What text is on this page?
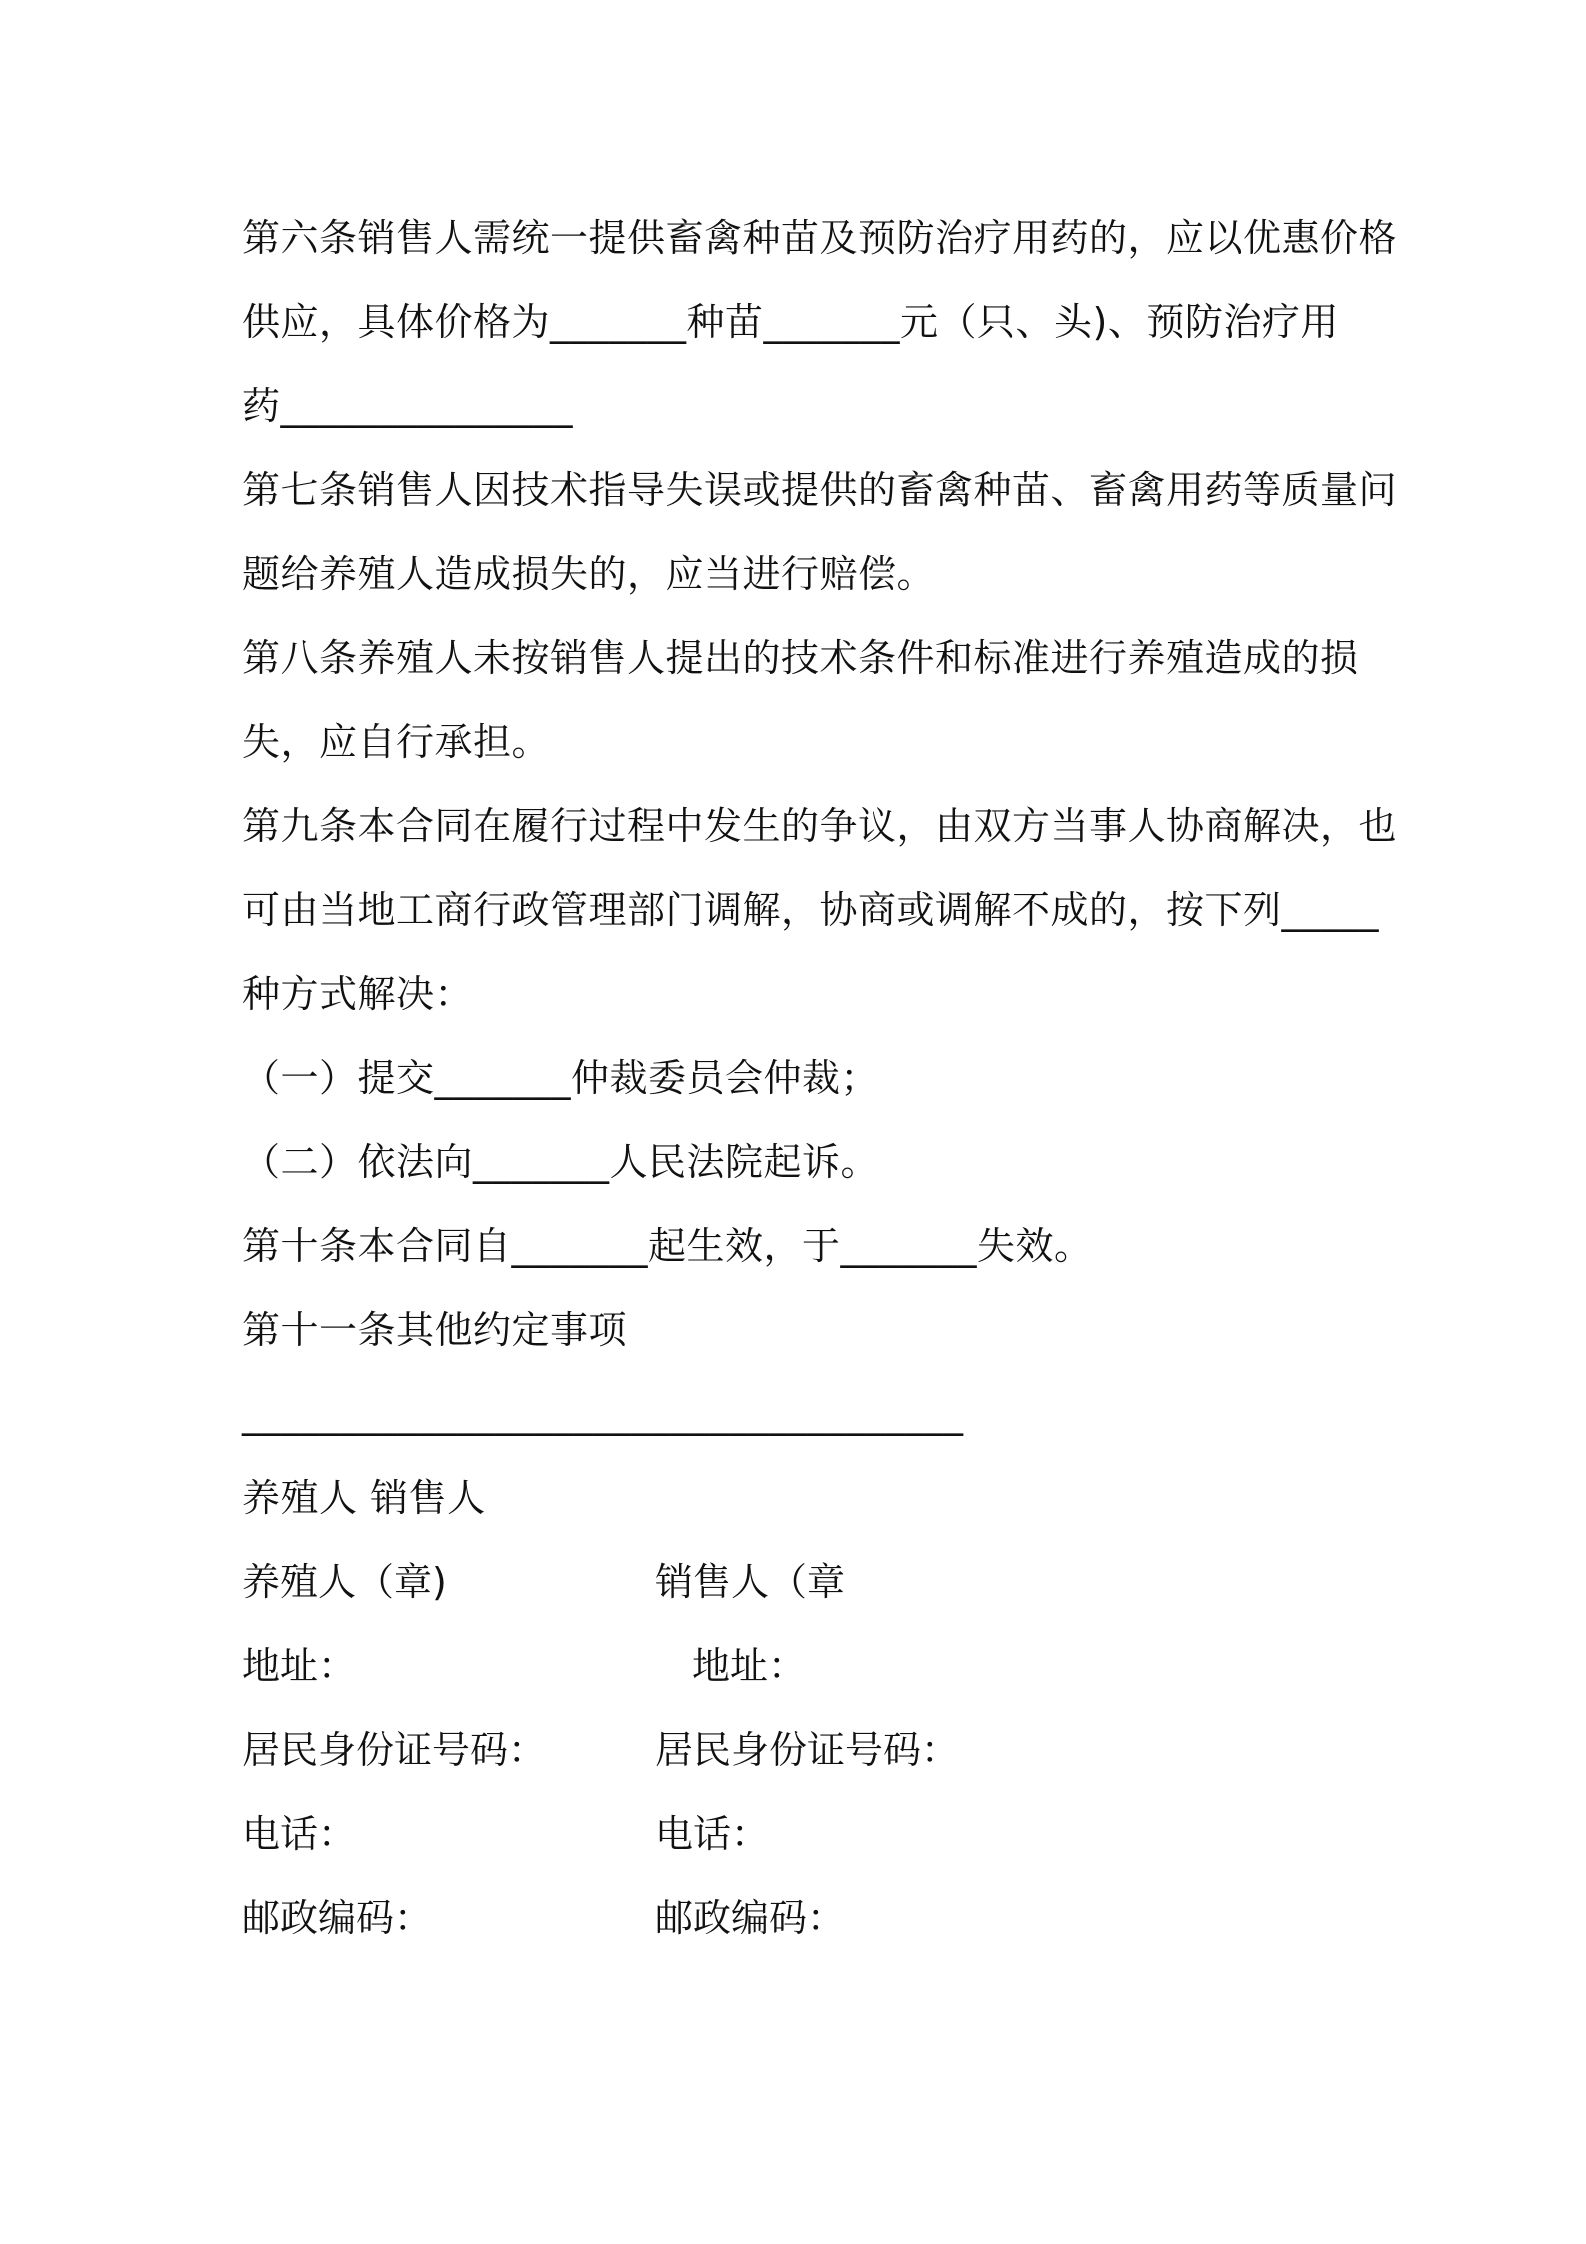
第六条销售人需统一提供畜禽种苗及预防治疗用药的，应以优惠价格
供应，具体价格为_______种苗_______元（只、头)、预防治疗用
药_______________
第七条销售人因技术指导失误或提供的畜禽种苗、畜禽用药等质量问
题给养殖人造成损失的，应当进行赔偿。
第八条养殖人未按销售人提出的技术条件和标准进行养殖造成的损
失，应自行承担。
第九条本合同在履行过程中发生的争议，由双方当事人协商解决，也
可由当地工商行政管理部门调解，协商或调解不成的，按下列_____
种方式解决：
（一）提交_______仲裁委员会仲裁；
（二）依法向_______人民法院起诉。
第十条本合同自_______起生效，于_______失效。
第十一条其他约定事项
_____________________________________
养殖人 销售人
养殖人（章)	销售人（章
地址：	地址：
居民身份证号码：	居民身份证号码：
电话：	电话：
邮政编码：	邮政编码：
